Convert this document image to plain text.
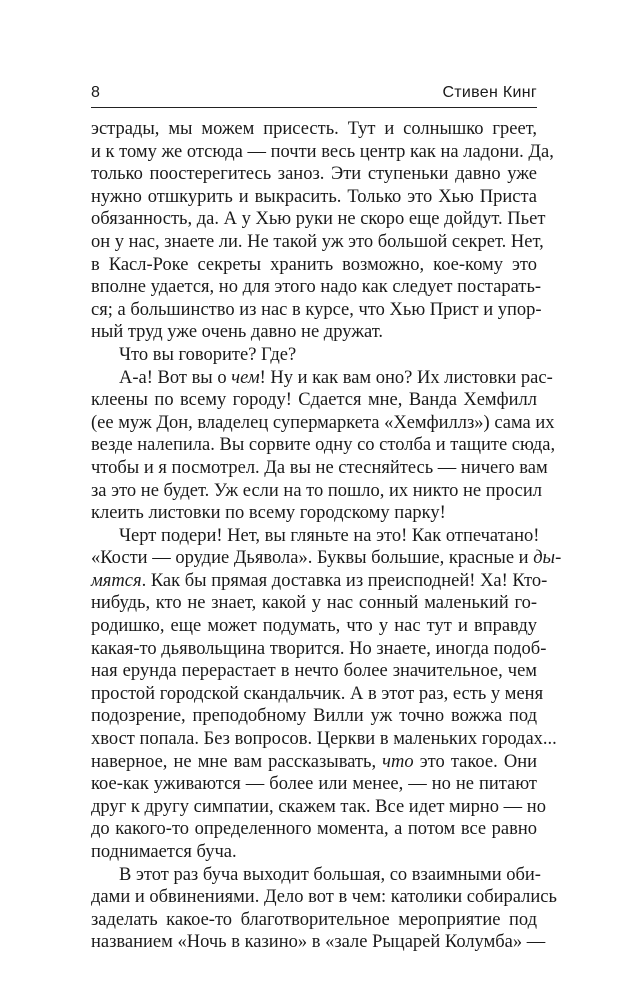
8	Стивен Кинг
эстрады, мы можем присесть. Тут и солнышко греет,
и к тому же отсюда — почти весь центр как на ладони. Да,
только поостерегитесь заноз. Эти ступеньки давно уже
нужно отшкурить и выкрасить. Только это Хью Приста
обязанность, да. А у Хью руки не скоро еще дойдут. Пьет
он у нас, знаете ли. Не такой уж это большой секрет. Нет,
в Касл-Роке секреты хранить возможно, кое-кому это
вполне удается, но для этого надо как следует постарать-
ся; а большинство из нас в курсе, что Хью Прист и упор-
ный труд уже очень давно не дружат.
Что вы говорите? Где?
А-а! Вот вы о чем! Ну и как вам оно? Их листовки рас-
клеены по всему городу! Сдается мне, Ванда Хемфилл
(ее муж Дон, владелец супермаркета «Хемфиллз») сама их
везде налепила. Вы сорвите одну со столба и тащите сюда,
чтобы и я посмотрел. Да вы не стесняйтесь — ничего вам
за это не будет. Уж если на то пошло, их никто не просил
клеить листовки по всему городскому парку!
Черт подери! Нет, вы гляньте на это! Как отпечатано!
«Кости — орудие Дьявола». Буквы большие, красные и ды-
мятся. Как бы прямая доставка из преисподней! Ха! Кто-
нибудь, кто не знает, какой у нас сонный маленький го-
родишко, еще может подумать, что у нас тут и вправду
какая-то дьявольщина творится. Но знаете, иногда подоб-
ная ерунда перерастает в нечто более значительное, чем
простой городской скандальчик. А в этот раз, есть у меня
подозрение, преподобному Вилли уж точно вожжа под
хвост попала. Без вопросов. Церкви в маленьких городах...
наверное, не мне вам рассказывать, что это такое. Они
кое-как уживаются — более или менее, — но не питают
друг к другу симпатии, скажем так. Все идет мирно — но
до какого-то определенного момента, а потом все равно
поднимается буча.
В этот раз буча выходит большая, со взаимными оби-
дами и обвинениями. Дело вот в чем: католики собирались
заделать какое-то благотворительное мероприятие под
названием «Ночь в казино» в «зале Рыцарей Колумба» —
